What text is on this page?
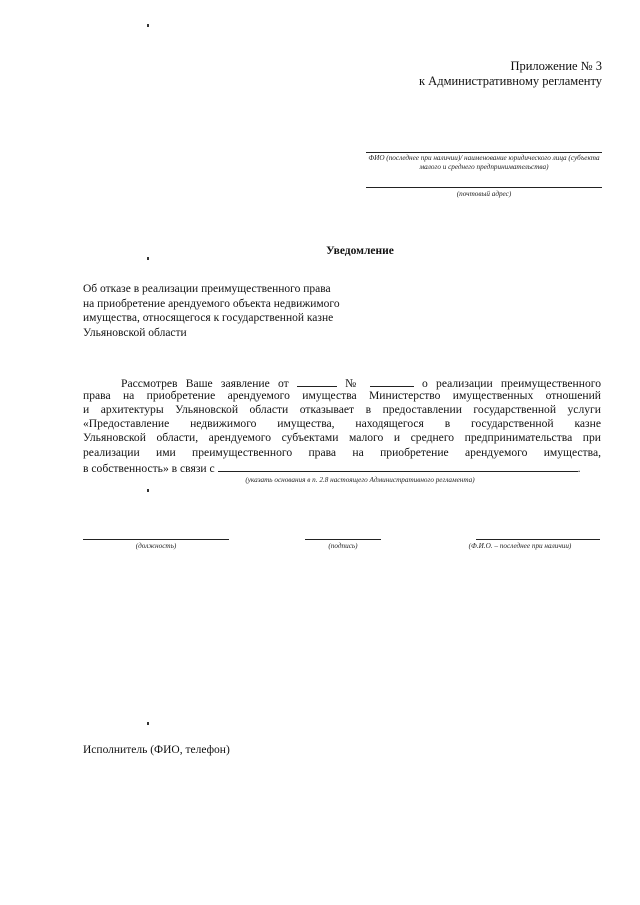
Приложение № 3
к Административному регламенту
ФИО (последнее при наличии)/ наименование юридического лица (субъекта малого и среднего предпринимательства)
(почтовый адрес)
Уведомление
Об отказе в реализации преимущественного права на приобретение арендуемого объекта недвижимого имущества, относящегося к государственной казне Ульяновской области
Рассмотрев Ваше заявление от	№	о реализации преимущественного
права на приобретение арендуемого имущества Министерство имущественных отношений
и архитектуры Ульяновской области отказывает в предоставлении государственной услуги
«Предоставление недвижимого имущества, находящегося в государственной казне
Ульяновской области, арендуемого субъектами малого и среднего предпринимательства при
реализации ими преимущественного права на приобретение арендуемого имущества,
в собственность» в связи с	.
(указать основания в п. 2.8 настоящего Административного регламента)
(должность)	(подпись)	(Ф.И.О. – последнее при наличии)
Исполнитель (ФИО, телефон)
